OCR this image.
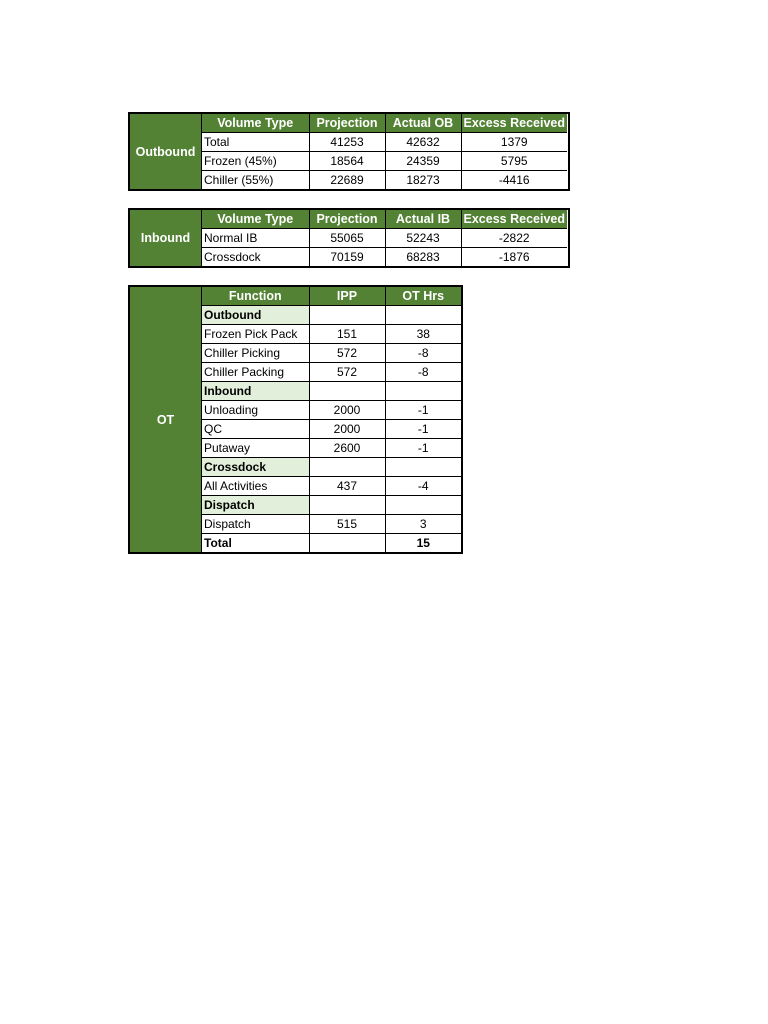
Outbound
Volume Type	Projection	Actual OB	Excess Received
Total	41253	42632	1379
Frozen (45%)	18564	24359	5795
Chiller (55%)	22689	18273	-4416
Inbound
Volume Type	Projection	Actual IB	Excess Received
Normal IB	55065	52243	-2822
Crossdock	70159	68283	-1876
OT
Function	IPP	OT Hrs
Outbound		
Frozen Pick Pack	151	38
Chiller Picking	572	-8
Chiller Packing	572	-8
Inbound		
Unloading	2000	-1
QC	2000	-1
Putaway	2600	-1
Crossdock		
All Activities	437	-4
Dispatch		
Dispatch	515	3
Total		15
